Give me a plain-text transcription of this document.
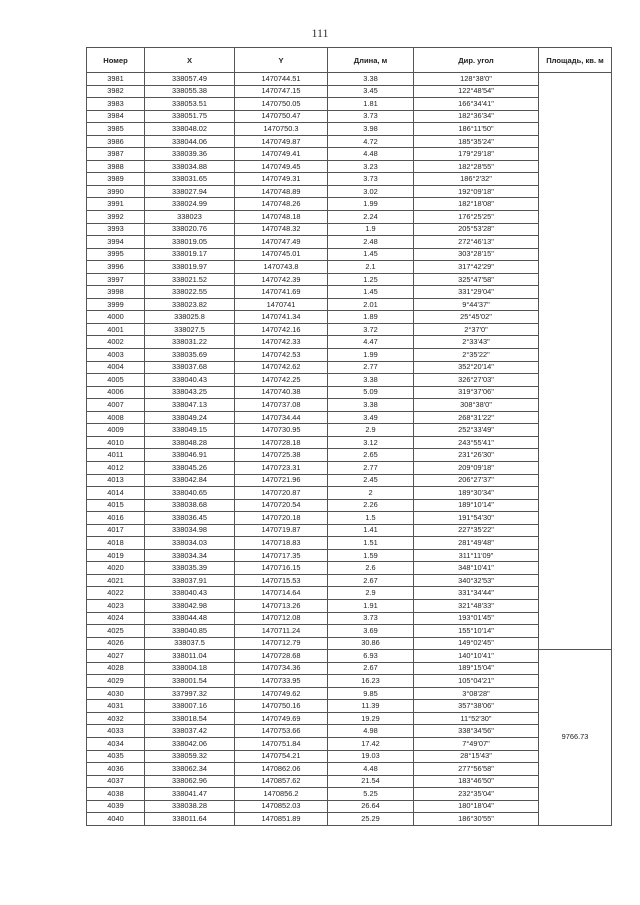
111
Номер	X	Y	Длина, м	Дир. угол	Площадь, кв. м
3981	338057.49	1470744.51	3.38	128°38'0"	
3982	338055.38	1470747.15	3.45	122°48'54"	
3983	338053.51	1470750.05	1.81	166°34'41"	
3984	338051.75	1470750.47	3.73	182°36'34"	
3985	338048.02	1470750.3	3.98	186°11'50"	
3986	338044.06	1470749.87	4.72	185°35'24"	
3987	338039.36	1470749.41	4.48	179°29'18"	
3988	338034.88	1470749.45	3.23	182°28'55"	
3989	338031.65	1470749.31	3.73	186°2'32"	
3990	338027.94	1470748.89	3.02	192°09'18"	
3991	338024.99	1470748.26	1.99	182°18'08"	
3992	338023	1470748.18	2.24	176°25'25"	
3993	338020.76	1470748.32	1.9	205°53'28"	
3994	338019.05	1470747.49	2.48	272°46'13"	
3995	338019.17	1470745.01	1.45	303°28'15"	
3996	338019.97	1470743.8	2.1	317°42'29"	
3997	338021.52	1470742.39	1.25	325°47'58"	
3998	338022.55	1470741.69	1.45	331°29'04"	
3999	338023.82	1470741	2.01	9°44'37"	
4000	338025.8	1470741.34	1.89	25°45'02"	
4001	338027.5	1470742.16	3.72	2°37'0"	
4002	338031.22	1470742.33	4.47	2°33'43"	
4003	338035.69	1470742.53	1.99	2°35'22"	
4004	338037.68	1470742.62	2.77	352°20'14"	
4005	338040.43	1470742.25	3.38	326°27'03"	
4006	338043.25	1470740.38	5.09	319°37'06"	
4007	338047.13	1470737.08	3.38	308°38'0"	
4008	338049.24	1470734.44	3.49	268°31'22"	
4009	338049.15	1470730.95	2.9	252°33'49"	
4010	338048.28	1470728.18	3.12	243°55'41"	
4011	338046.91	1470725.38	2.65	231°26'30"	
4012	338045.26	1470723.31	2.77	209°09'18"	
4013	338042.84	1470721.96	2.45	206°27'37"	
4014	338040.65	1470720.87	2	189°30'34"	
4015	338038.68	1470720.54	2.26	189°10'14"	
4016	338036.45	1470720.18	1.5	191°54'30"	
4017	338034.98	1470719.87	1.41	227°35'22"	
4018	338034.03	1470718.83	1.51	281°49'48"	
4019	338034.34	1470717.35	1.59	311°11'09"	
4020	338035.39	1470716.15	2.6	348°10'41"	
4021	338037.91	1470715.53	2.67	340°32'53"	
4022	338040.43	1470714.64	2.9	331°34'44"	
4023	338042.98	1470713.26	1.91	321°48'33"	
4024	338044.48	1470712.08	3.73	193°01'45"	
4025	338040.85	1470711.24	3.69	155°10'14"	
4026	338037.5	1470712.79	30.86	149°02'45"	
4027	338011.04	1470728.68	6.93	140°10'41"	9766.73
4028	338004.18	1470734.36	2.67	189°15'04"	
4029	338001.54	1470733.95	16.23	105°04'21"	
4030	337997.32	1470749.62	9.85	3°08'28"	
4031	338007.16	1470750.16	11.39	357°38'06"	
4032	338018.54	1470749.69	19.29	11°52'30"	
4033	338037.42	1470753.66	4.98	338°34'56"	
4034	338042.06	1470751.84	17.42	7°49'07"	
4035	338059.32	1470754.21	19.03	28°15'43"	
4036	338062.34	1470862.06	4.48	277°56'58"	
4037	338062.96	1470857.62	21.54	183°46'50"	
4038	338041.47	1470856.2	5.25	232°35'04"	
4039	338038.28	1470852.03	26.64	180°18'04"	
4040	338011.64	1470851.89	25.29	186°30'55"	
